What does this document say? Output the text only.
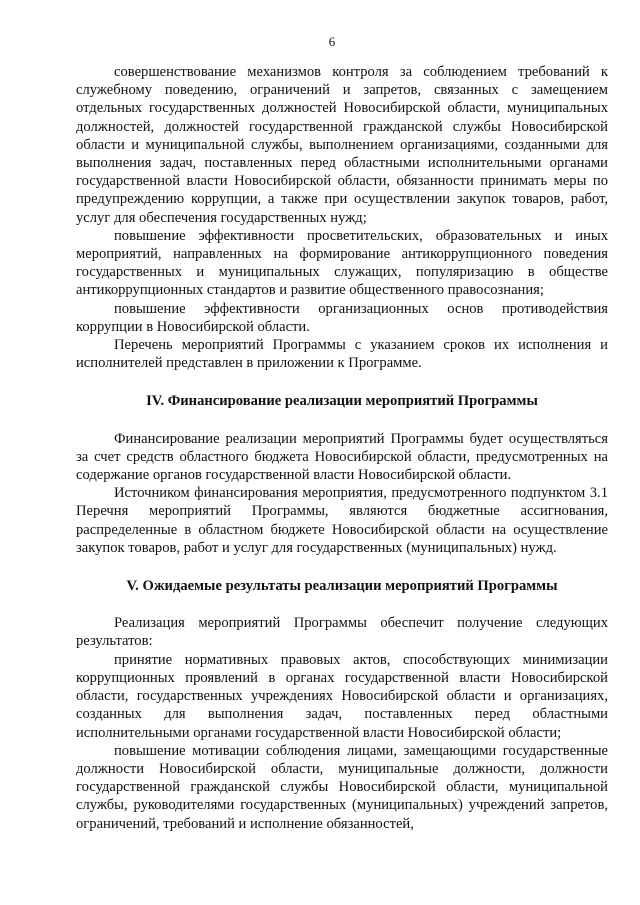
6

совершенствование механизмов контроля за соблюдением требований к служебному поведению, ограничений и запретов, связанных с замещением отдельных государственных должностей Новосибирской области, муниципальных должностей, должностей государственной гражданской службы Новосибирской области и муниципальной службы, выполнением организациями, созданными для выполнения задач, поставленных перед областными исполнительными органами государственной власти Новосибирской области, обязанности принимать меры по предупреждению коррупции, а также при осуществлении закупок товаров, работ, услуг для обеспечения государственных нужд;

повышение эффективности просветительских, образовательных и иных мероприятий, направленных на формирование антикоррупционного поведения государственных и муниципальных служащих, популяризацию в обществе антикоррупционных стандартов и развитие общественного правосознания;

повышение эффективности организационных основ противодействия коррупции в Новосибирской области.

Перечень мероприятий Программы с указанием сроков их исполнения и исполнителей представлен в приложении к Программе.

IV. Финансирование реализации мероприятий Программы

Финансирование реализации мероприятий Программы будет осуществляться за счет средств областного бюджета Новосибирской области, предусмотренных на содержание органов государственной власти Новосибирской области.

Источником финансирования мероприятия, предусмотренного подпунктом 3.1 Перечня мероприятий Программы, являются бюджетные ассигнования, распределенные в областном бюджете Новосибирской области на осуществление закупок товаров, работ и услуг для государственных (муниципальных) нужд.

V. Ожидаемые результаты реализации мероприятий Программы

Реализация мероприятий Программы обеспечит получение следующих результатов:

принятие нормативных правовых актов, способствующих минимизации коррупционных проявлений в органах государственной власти Новосибирской области, государственных учреждениях Новосибирской области и организациях, созданных для выполнения задач, поставленных перед областными исполнительными органами государственной власти Новосибирской области;

повышение мотивации соблюдения лицами, замещающими государственные должности Новосибирской области, муниципальные должности, должности государственной гражданской службы Новосибирской области, муниципальной службы, руководителями государственных (муниципальных) учреждений запретов, ограничений, требований и исполнение обязанностей,
